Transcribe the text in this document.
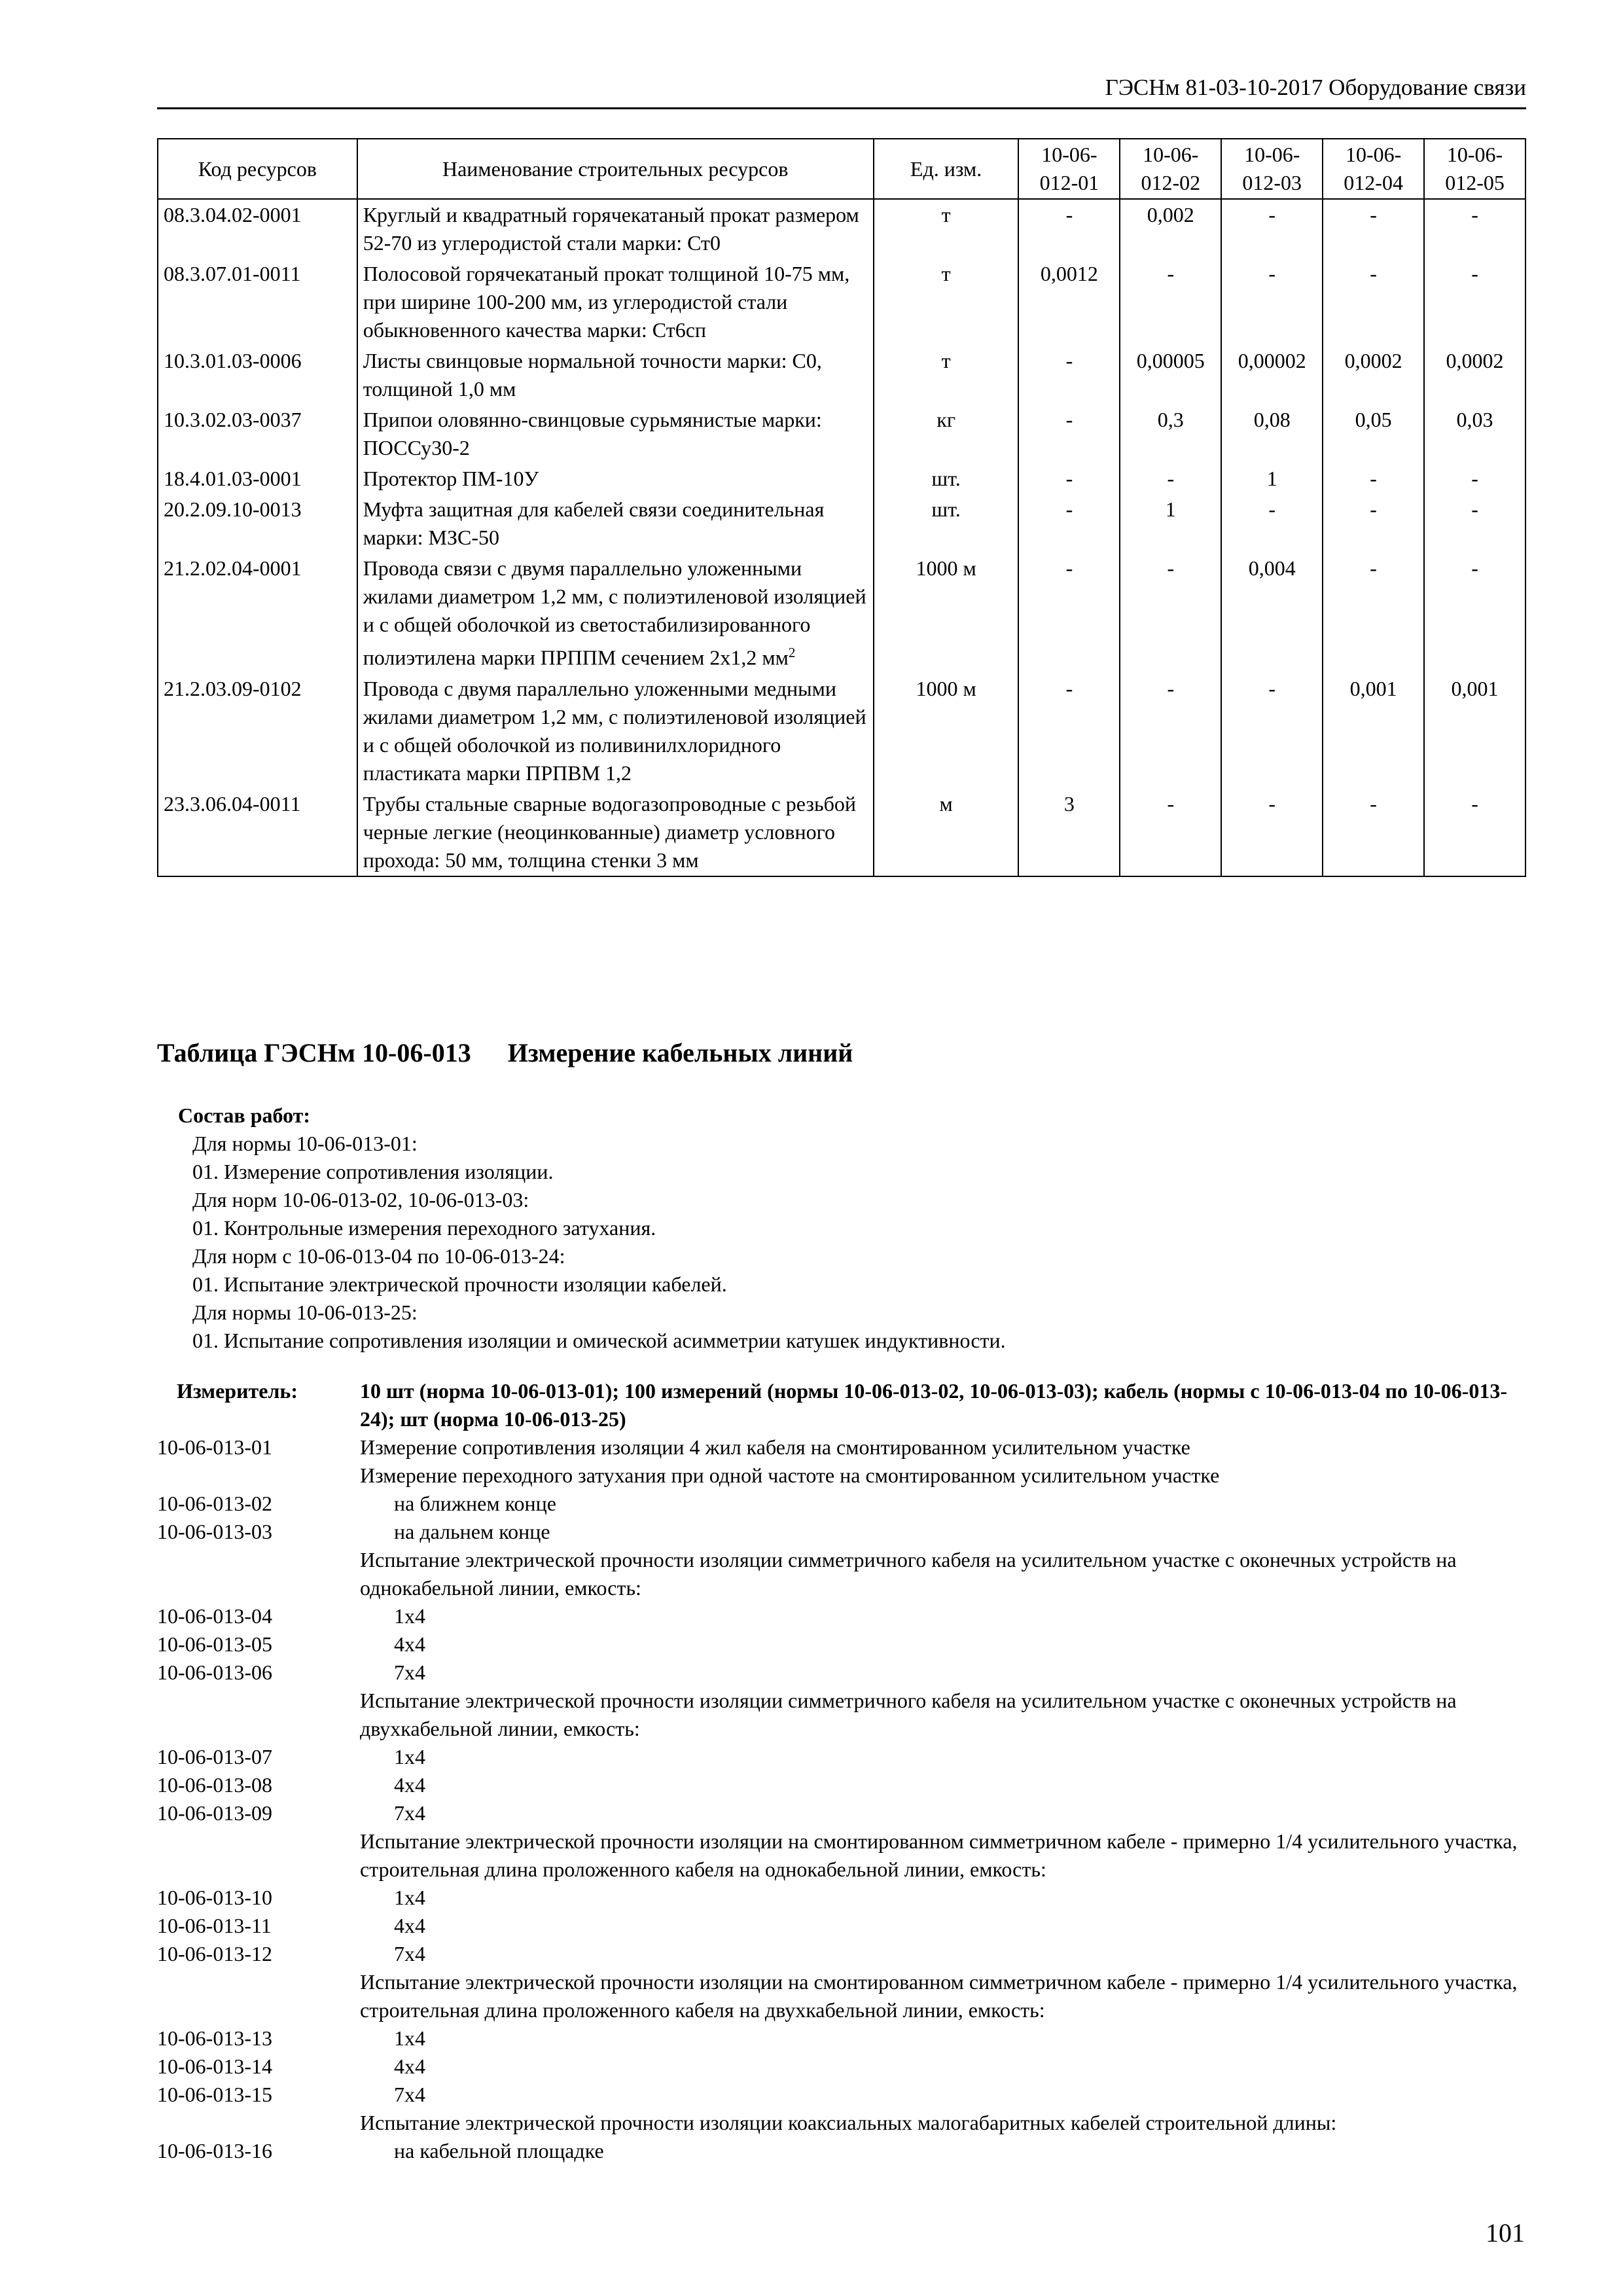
ГЭСНм 81-03-10-2017 Оборудование связи
Код ресурсов	Наименование строительных ресурсов	Ед. изм.	10-06-012-01	10-06-012-02	10-06-012-03	10-06-012-04	10-06-012-05
08.3.04.02-0001	Круглый и квадратный горячекатаный прокат размером 52-70 из углеродистой стали марки: Ст0	т	-	0,002	-	-	-
08.3.07.01-0011	Полосовой горячекатаный прокат толщиной 10-75 мм, при ширине 100-200 мм, из углеродистой стали обыкновенного качества марки: Ст6сп	т	0,0012	-	-	-	-
10.3.01.03-0006	Листы свинцовые нормальной точности марки: С0, толщиной 1,0 мм	т	-	0,00005	0,00002	0,0002	0,0002
10.3.02.03-0037	Припои оловянно-свинцовые сурьмянистые марки: ПОССу30-2	кг	-	0,3	0,08	0,05	0,03
18.4.01.03-0001	Протектор ПМ-10У	шт.	-	-	1	-	-
20.2.09.10-0013	Муфта защитная для кабелей связи соединительная марки: МЗС-50	шт.	-	1	-	-	-
21.2.02.04-0001	Провода связи с двумя параллельно уложенными жилами диаметром 1,2 мм, с полиэтиленовой изоляцией и с общей оболочкой из светостабилизированного полиэтилена марки ПРППМ сечением 2х1,2 $мм^2$	1000 м	-	-	0,004	-	-
21.2.03.09-0102	Провода с двумя параллельно уложенными медными жилами диаметром 1,2 мм, с полиэтиленовой изоляцией и с общей оболочкой из поливинилхлоридного пластиката марки ПРПВМ 1,2	1000 м	-	-	-	0,001	0,001
23.3.06.04-0011	Трубы стальные сварные водогазопроводные с резьбой черные легкие (неоцинкованные) диаметр условного прохода: 50 мм, толщина стенки 3 мм	м	3	-	-	-	-
Таблица ГЭСНм 10-06-013 Измерение кабельных линий
Состав работ:
Для нормы 10-06-013-01:
01. Измерение сопротивления изоляции.
Для норм 10-06-013-02, 10-06-013-03:
01. Контрольные измерения переходного затухания.
Для норм с 10-06-013-04 по 10-06-013-24:
01. Испытание электрической прочности изоляции кабелей.
Для нормы 10-06-013-25:
01. Испытание сопротивления изоляции и омической асимметрии катушек индуктивности.
Измеритель:	10 шт (норма 10-06-013-01); 100 измерений (нормы 10-06-013-02, 10-06-013-03); кабель (нормы с 10-06-013-04 по 10-06-013-24); шт (норма 10-06-013-25)
10-06-013-01	Измерение сопротивления изоляции 4 жил кабеля на смонтированном усилительном участке
Измерение переходного затухания при одной частоте на смонтированном усилительном участке
10-06-013-02	на ближнем конце
10-06-013-03	на дальнем конце
Испытание электрической прочности изоляции симметричного кабеля на усилительном участке с оконечных устройств на однокабельной линии, емкость:
10-06-013-04	1х4
10-06-013-05	4х4
10-06-013-06	7х4
Испытание электрической прочности изоляции симметричного кабеля на усилительном участке с оконечных устройств на двухкабельной линии, емкость:
10-06-013-07	1х4
10-06-013-08	4х4
10-06-013-09	7х4
Испытание электрической прочности изоляции на смонтированном симметричном кабеле - примерно 1/4 усилительного участка, строительная длина проложенного кабеля на однокабельной линии, емкость:
10-06-013-10	1х4
10-06-013-11	4х4
10-06-013-12	7х4
Испытание электрической прочности изоляции на смонтированном симметричном кабеле - примерно 1/4 усилительного участка, строительная длина проложенного кабеля на двухкабельной линии, емкость:
10-06-013-13	1х4
10-06-013-14	4х4
10-06-013-15	7х4
Испытание электрической прочности изоляции коаксиальных малогабаритных кабелей строительной длины:
10-06-013-16	на кабельной площадке
101
